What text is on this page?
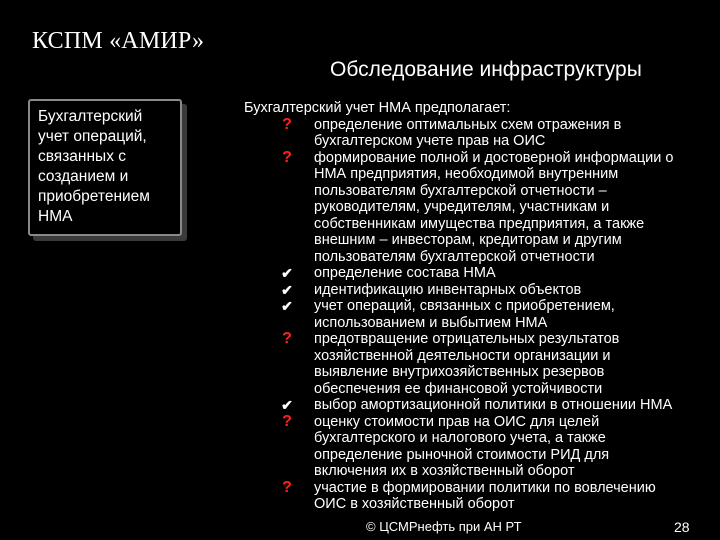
КСПМ «АМИР»
Обследование инфраструктуры
Бухгалтерский
учет операций,
связанных с
созданием и
приобретением
НМА
Бухгалтерский учет НМА предполагает:
? определение оптимальных схем отражения в
бухгалтерском учете прав на ОИС
? формирование полной и достоверной информации о
НМА предприятия, необходимой внутренним
пользователям бухгалтерской отчетности –
руководителям, учредителям, участникам и
собственникам имущества предприятия, а также
внешним – инвесторам, кредиторам и другим
пользователям бухгалтерской отчетности
✔ определение состава НМА
✔ идентификацию инвентарных объектов
✔ учет операций, связанных с приобретением,
использованием и выбытием НМА
? предотвращение отрицательных результатов
хозяйственной деятельности организации и
выявление внутрихозяйственных резервов
обеспечения ее финансовой устойчивости
✔ выбор амортизационной политики в отношении НМА
? оценку стоимости прав на ОИС для целей
бухгалтерского и налогового учета, а также
определение рыночной стоимости РИД для
включения их в хозяйственный оборот
? участие в формировании политики по вовлечению
ОИС в хозяйственный оборот
© ЦСМРнефть при АН РТ	28
